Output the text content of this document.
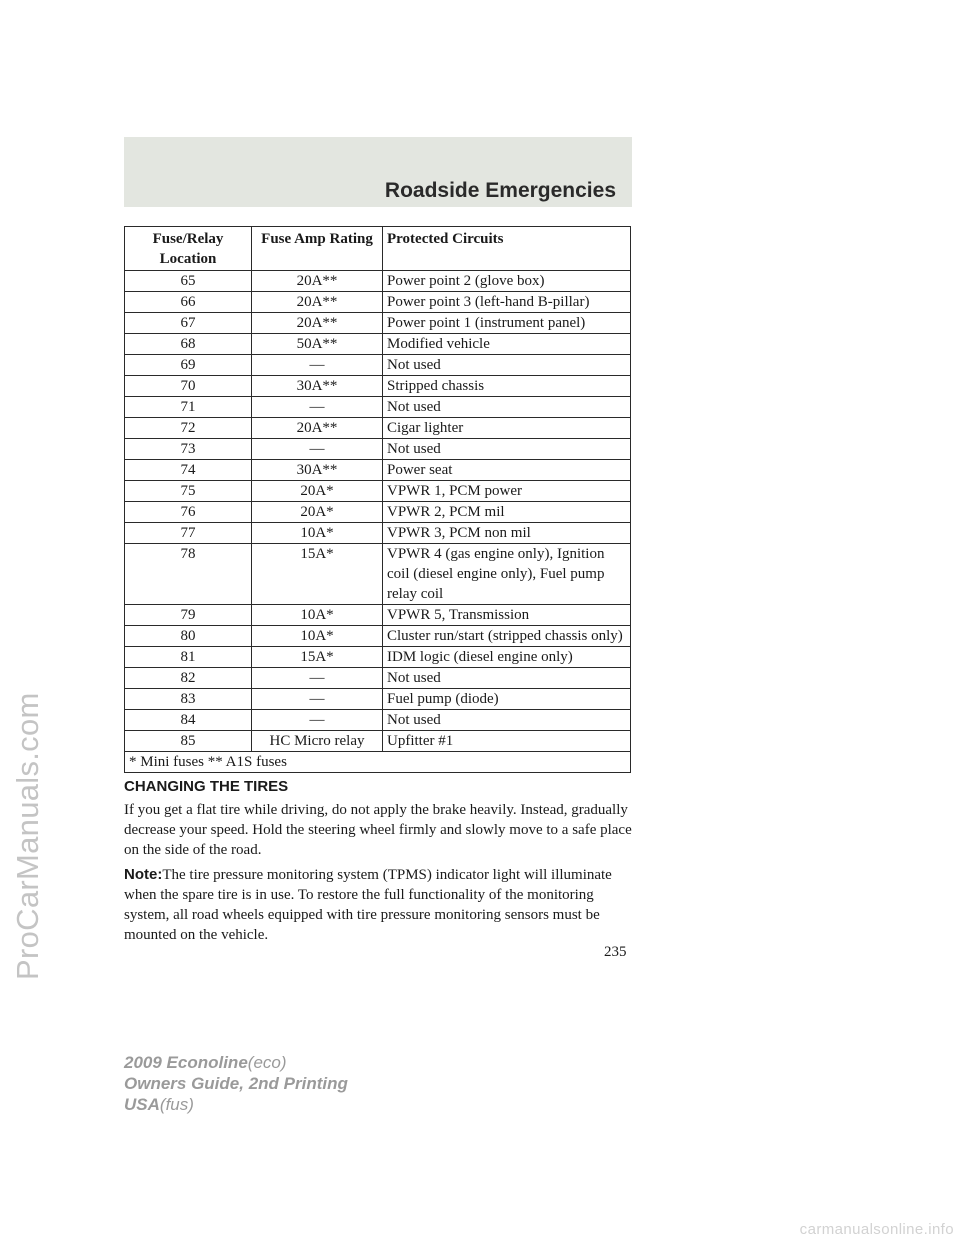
ProCarManuals.com
Roadside Emergencies
Fuse/Relay Location	Fuse Amp Rating	Protected Circuits
65	20A**	Power point 2 (glove box)
66	20A**	Power point 3 (left-hand B-pillar)
67	20A**	Power point 1 (instrument panel)
68	50A**	Modified vehicle
69	—	Not used
70	30A**	Stripped chassis
71	—	Not used
72	20A**	Cigar lighter
73	—	Not used
74	30A**	Power seat
75	20A*	VPWR 1, PCM power
76	20A*	VPWR 2, PCM mil
77	10A*	VPWR 3, PCM non mil
78	15A*	VPWR 4 (gas engine only), Ignition coil (diesel engine only), Fuel pump relay coil
79	10A*	VPWR 5, Transmission
80	10A*	Cluster run/start (stripped chassis only)
81	15A*	IDM logic (diesel engine only)
82	—	Not used
83	—	Fuel pump (diode)
84	—	Not used
85	HC Micro relay	Upfitter #1
* Mini fuses ** A1S fuses		
CHANGING THE TIRES

If you get a flat tire while driving, do not apply the brake heavily. Instead, gradually decrease your speed. Hold the steering wheel firmly and slowly move to a safe place on the side of the road.

Note:The tire pressure monitoring system (TPMS) indicator light will illuminate when the spare tire is in use. To restore the full functionality of the monitoring system, all road wheels equipped with tire pressure monitoring sensors must be mounted on the vehicle.

235
2009 Econoline(eco)
Owners Guide, 2nd Printing
USA(fus)
carmanualsonline.info
